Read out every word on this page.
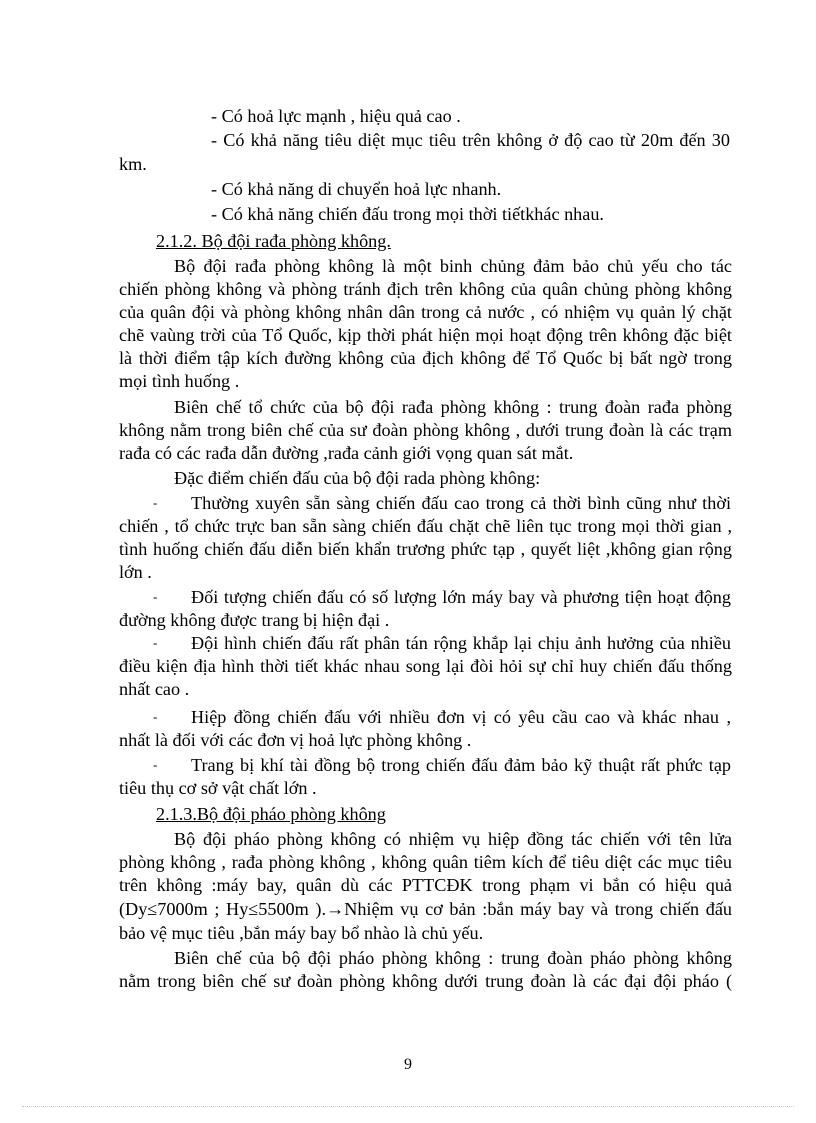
- Có hoả lực mạnh , hiệu quả cao .
- Có khả năng tiêu diệt mục tiêu trên không ở độ cao từ 20m đến 30
km.
- Có khả năng di chuyển hoả lực nhanh.
- Có khả năng chiến đấu trong mọi thời tiếtkhác nhau.
2.1.2. Bộ đội rađa phòng không.
Bộ đội rađa phòng không là một binh chủng đảm bảo chủ yếu cho tác
chiến phòng không và phòng tránh địch trên không của quân chủng phòng không
của quân đội và phòng không nhân dân trong cả nước , có nhiệm vụ quản lý chặt
chẽ vaùng trời của Tổ Quốc, kịp thời phát hiện mọi hoạt động trên không đặc biệt
là thời điểm tập kích đường không của địch không để Tổ Quốc bị bất ngờ trong
mọi tình huống .
Biên chế tổ chức của bộ đội rađa phòng không : trung đoàn rađa phòng
không nằm trong biên chế của sư đoàn phòng không , dưới trung đoàn là các trạm
rađa có các rađa dẫn đường ,rađa cảnh giới vọng quan sát mắt.
Đặc điểm chiến đấu của bộ đội rada phòng không:
- Thường xuyên sẵn sàng chiến đấu cao trong cả thời bình cũng như thời
chiến , tổ chức trực ban sẵn sàng chiến đấu chặt chẽ liên tục trong mọi thời gian ,
tình huống chiến đấu diễn biến khẩn trương phức tạp , quyết liệt ,không gian rộng
lớn .
- Đối tượng chiến đấu có số lượng lớn máy bay và phương tiện hoạt động
đường không được trang bị hiện đại .
- Đội hình chiến đấu rất phân tán rộng khắp lại chịu ảnh hưởng của nhiều
điều kiện địa hình thời tiết khác nhau song lại đòi hỏi sự chỉ huy chiến đấu thống
nhất cao .
- Hiệp đồng chiến đấu với nhiều đơn vị có yêu cầu cao và khác nhau ,
nhất là đối với các đơn vị hoả lực phòng không .
- Trang bị khí tài đồng bộ trong chiến đấu đảm bảo kỹ thuật rất phức tạp
tiêu thụ cơ sở vật chất lớn .
2.1.3.Bộ đội pháo phòng không
Bộ đội pháo phòng không có nhiệm vụ hiệp đồng tác chiến với tên lửa
phòng không , rađa phòng không , không quân tiêm kích để tiêu diệt các mục tiêu
trên không :máy bay, quân dù các PTTCĐK trong phạm vi bắn có hiệu quả
(Dy≤7000m ; Hy≤5500m ).→Nhiệm vụ cơ bản :bắn máy bay và trong chiến đấu
bảo vệ mục tiêu ,bắn máy bay bổ nhào là chủ yếu.
Biên chế của bộ đội pháo phòng không : trung đoàn pháo phòng không
nằm trong biên chế sư đoàn phòng không dưới trung đoàn là các đại đội pháo (
9
